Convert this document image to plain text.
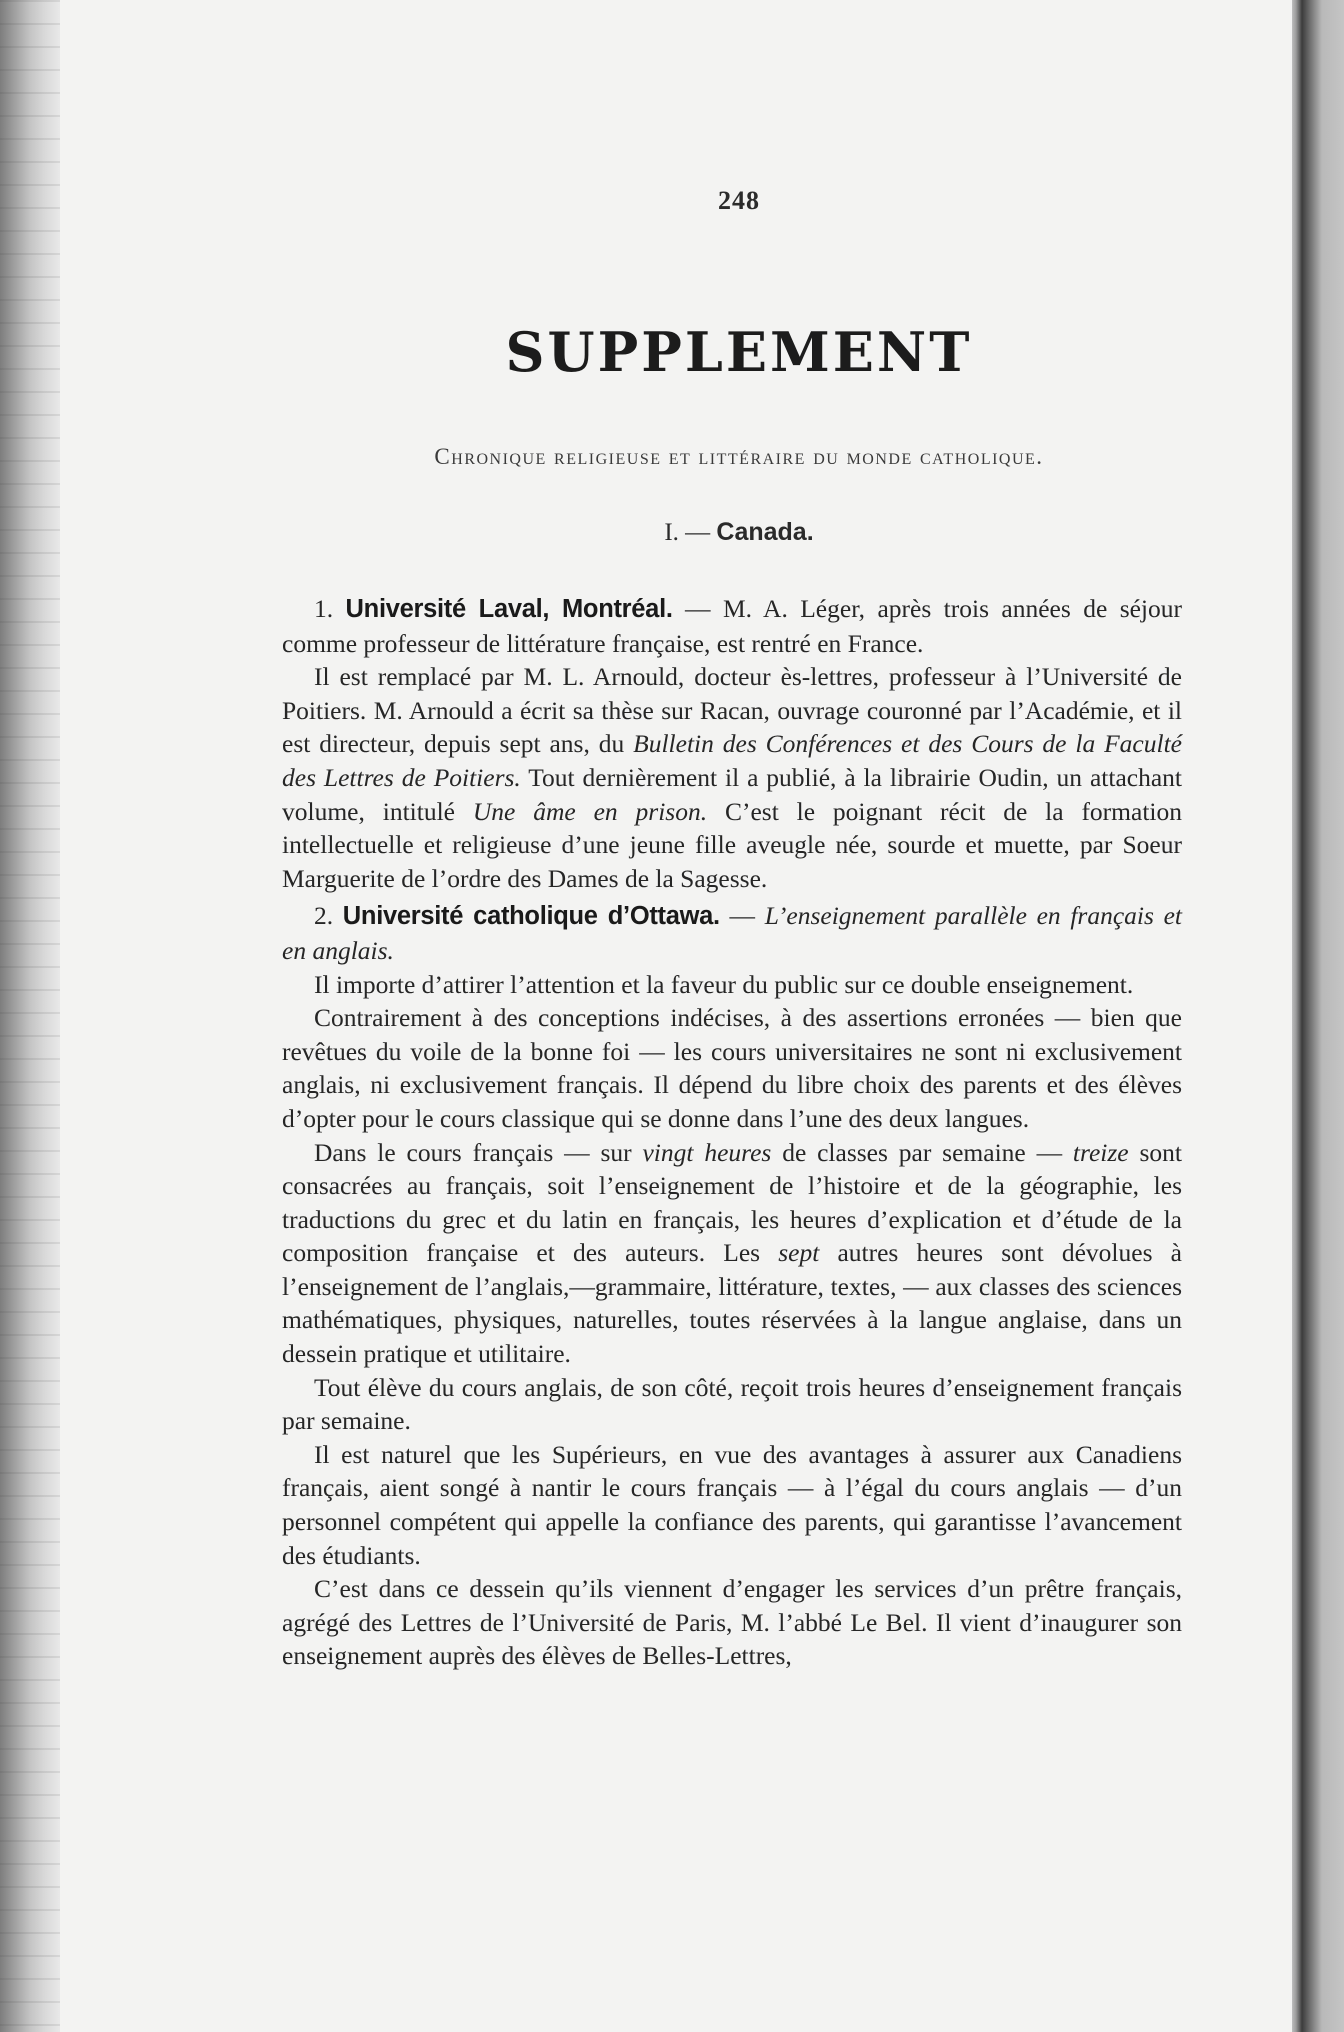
248
SUPPLEMENT
Chronique religieuse et littéraire du monde catholique.
I. — Canada.

1. Université Laval, Montréal. — M. A. Léger, après trois années de séjour comme professeur de littérature française, est rentré en France.

Il est remplacé par M. L. Arnould, docteur ès-lettres, professeur à l’Université de Poitiers. M. Arnould a écrit sa thèse sur Racan, ouvrage couronné par l’Académie, et il est directeur, depuis sept ans, du Bulletin des Conférences et des Cours de la Faculté des Lettres de Poitiers. Tout dernièrement il a publié, à la librairie Oudin, un attachant volume, intitulé Une âme en prison. C’est le poignant récit de la formation intellectuelle et religieuse d’une jeune fille aveugle née, sourde et muette, par Soeur Marguerite de l’ordre des Dames de la Sagesse.

2. Université catholique d’Ottawa. — L’enseignement parallèle en français et en anglais.

Il importe d’attirer l’attention et la faveur du public sur ce double enseignement.

Contrairement à des conceptions indécises, à des assertions erronées — bien que revêtues du voile de la bonne foi — les cours universitaires ne sont ni exclusivement anglais, ni exclusivement français. Il dépend du libre choix des parents et des élèves d’opter pour le cours classique qui se donne dans l’une des deux langues.

Dans le cours français — sur vingt heures de classes par semaine — treize sont consacrées au français, soit l’enseignement de l’histoire et de la géographie, les traductions du grec et du latin en français, les heures d’explication et d’étude de la composition française et des auteurs. Les sept autres heures sont dévolues à l’enseignement de l’anglais,—grammaire, littérature, textes, — aux classes des sciences mathématiques, physiques, naturelles, toutes réservées à la langue anglaise, dans un dessein pratique et utilitaire.

Tout élève du cours anglais, de son côté, reçoit trois heures d’enseignement français par semaine.

Il est naturel que les Supérieurs, en vue des avantages à assurer aux Canadiens français, aient songé à nantir le cours français — à l’égal du cours anglais — d’un personnel compétent qui appelle la confiance des parents, qui garantisse l’avancement des étudiants.

C’est dans ce dessein qu’ils viennent d’engager les services d’un prêtre français, agrégé des Lettres de l’Université de Paris, M. l’abbé Le Bel. Il vient d’inaugurer son enseignement auprès des élèves de Belles-Lettres,
